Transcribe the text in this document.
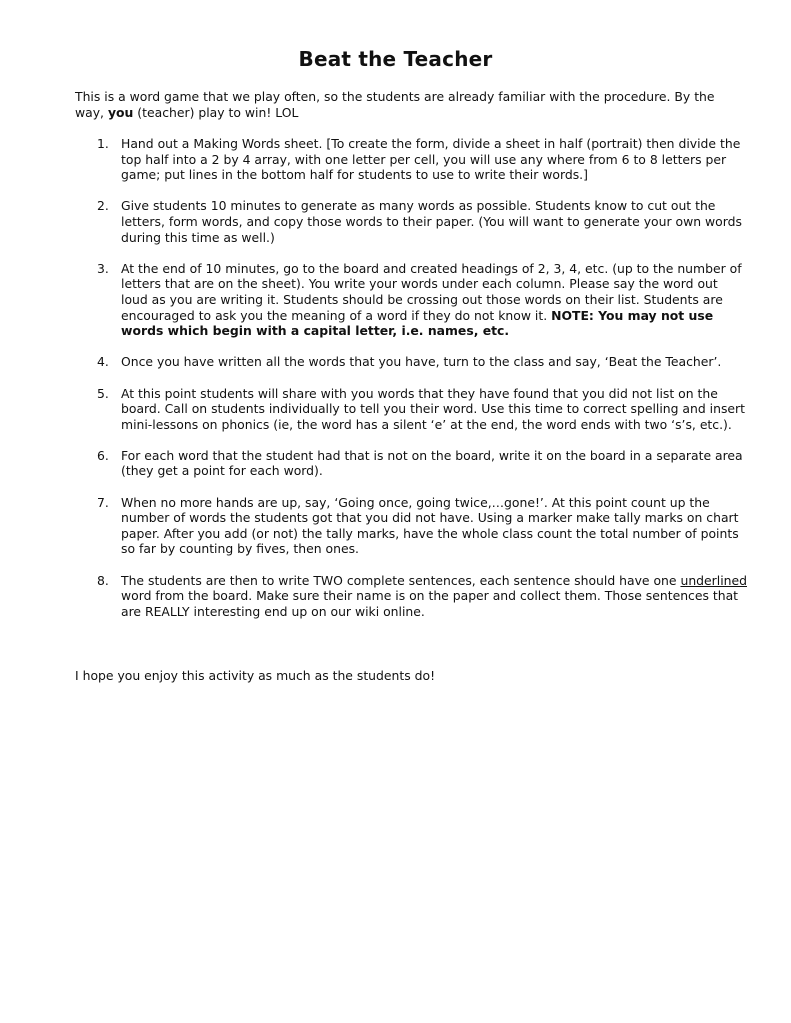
Beat the Teacher
This is a word game that we play often, so the students are already familiar with the procedure. By the way, you (teacher) play to win! LOL
1. Hand out a Making Words sheet. [To create the form, divide a sheet in half (portrait) then divide the top half into a 2 by 4 array, with one letter per cell, you will use any where from 6 to 8 letters per game; put lines in the bottom half for students to use to write their words.]
2. Give students 10 minutes to generate as many words as possible. Students know to cut out the letters, form words, and copy those words to their paper. (You will want to generate your own words during this time as well.)
3. At the end of 10 minutes, go to the board and created headings of 2, 3, 4, etc. (up to the number of letters that are on the sheet). You write your words under each column. Please say the word out loud as you are writing it. Students should be crossing out those words on their list. Students are encouraged to ask you the meaning of a word if they do not know it. NOTE: You may not use words which begin with a capital letter, i.e. names, etc.
4. Once you have written all the words that you have, turn to the class and say, ‘Beat the Teacher’.
5. At this point students will share with you words that they have found that you did not list on the board. Call on students individually to tell you their word. Use this time to correct spelling and insert mini-lessons on phonics (ie, the word has a silent ‘e’ at the end, the word ends with two ‘s’s, etc.).
6. For each word that the student had that is not on the board, write it on the board in a separate area (they get a point for each word).
7. When no more hands are up, say, ‘Going once, going twice,…gone!’. At this point count up the number of words the students got that you did not have. Using a marker make tally marks on chart paper. After you add (or not) the tally marks, have the whole class count the total number of points so far by counting by fives, then ones.
8. The students are then to write TWO complete sentences, each sentence should have one underlined word from the board. Make sure their name is on the paper and collect them. Those sentences that are REALLY interesting end up on our wiki online.
I hope you enjoy this activity as much as the students do!
